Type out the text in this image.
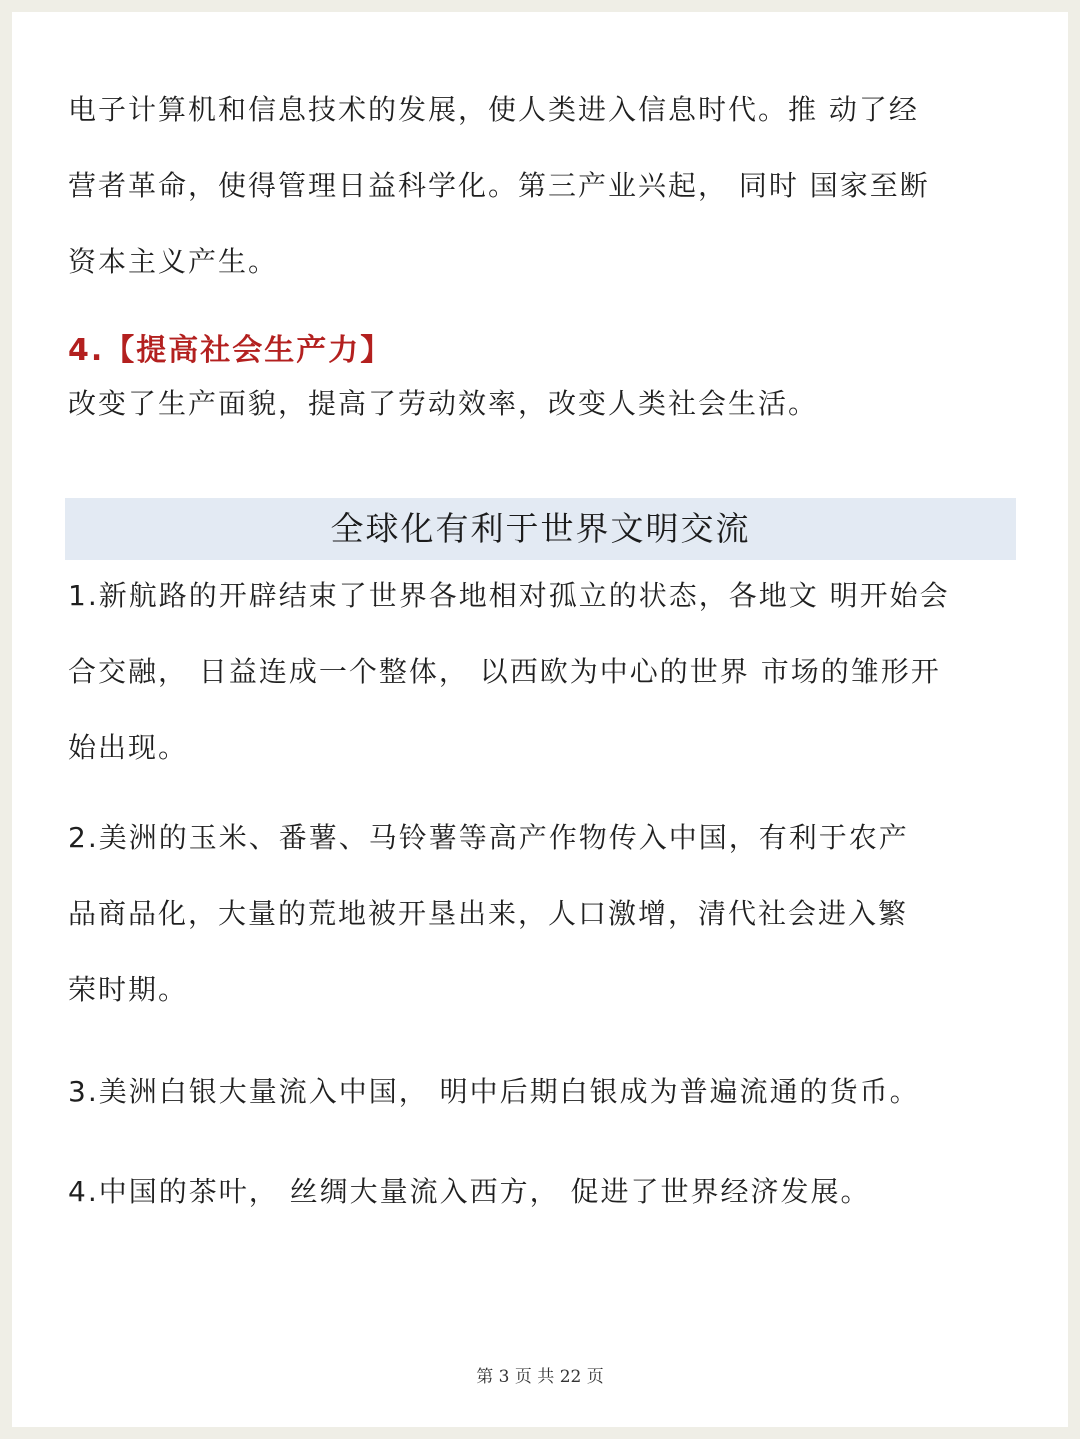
电子计算机和信息技术的发展，使人类进入信息时代。推 动了经
营者革命，使得管理日益科学化。第三产业兴起， 同时 国家至断
资本主义产生。
4.【提高社会生产力】
改变了生产面貌，提高了劳动效率，改变人类社会生活。
全球化有利于世界文明交流
1.新航路的开辟结束了世界各地相对孤立的状态，各地文 明开始会
合交融， 日益连成一个整体， 以西欧为中心的世界 市场的雏形开
始出现。
2.美洲的玉米、番薯、马铃薯等高产作物传入中国，有利于农产
品商品化，大量的荒地被开垦出来，人口激增，清代社会进入繁
荣时期。
3.美洲白银大量流入中国， 明中后期白银成为普遍流通的货币。
4.中国的茶叶， 丝绸大量流入西方， 促进了世界经济发展。
第 3 页 共 22 页
